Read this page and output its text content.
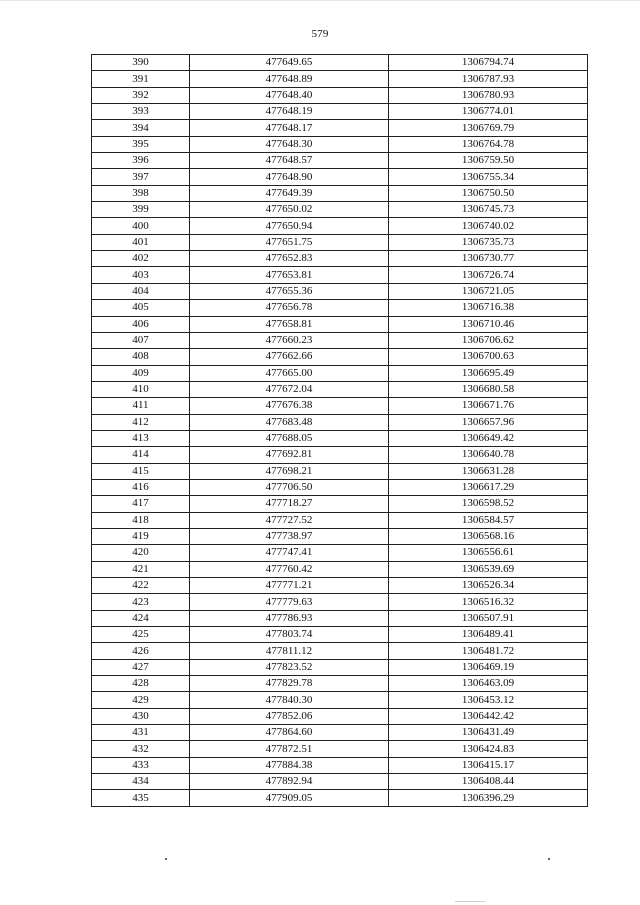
579
390	477649.65	1306794.74
391	477648.89	1306787.93
392	477648.40	1306780.93
393	477648.19	1306774.01
394	477648.17	1306769.79
395	477648.30	1306764.78
396	477648.57	1306759.50
397	477648.90	1306755.34
398	477649.39	1306750.50
399	477650.02	1306745.73
400	477650.94	1306740.02
401	477651.75	1306735.73
402	477652.83	1306730.77
403	477653.81	1306726.74
404	477655.36	1306721.05
405	477656.78	1306716.38
406	477658.81	1306710.46
407	477660.23	1306706.62
408	477662.66	1306700.63
409	477665.00	1306695.49
410	477672.04	1306680.58
411	477676.38	1306671.76
412	477683.48	1306657.96
413	477688.05	1306649.42
414	477692.81	1306640.78
415	477698.21	1306631.28
416	477706.50	1306617.29
417	477718.27	1306598.52
418	477727.52	1306584.57
419	477738.97	1306568.16
420	477747.41	1306556.61
421	477760.42	1306539.69
422	477771.21	1306526.34
423	477779.63	1306516.32
424	477786.93	1306507.91
425	477803.74	1306489.41
426	477811.12	1306481.72
427	477823.52	1306469.19
428	477829.78	1306463.09
429	477840.30	1306453.12
430	477852.06	1306442.42
431	477864.60	1306431.49
432	477872.51	1306424.83
433	477884.38	1306415.17
434	477892.94	1306408.44
435	477909.05	1306396.29
